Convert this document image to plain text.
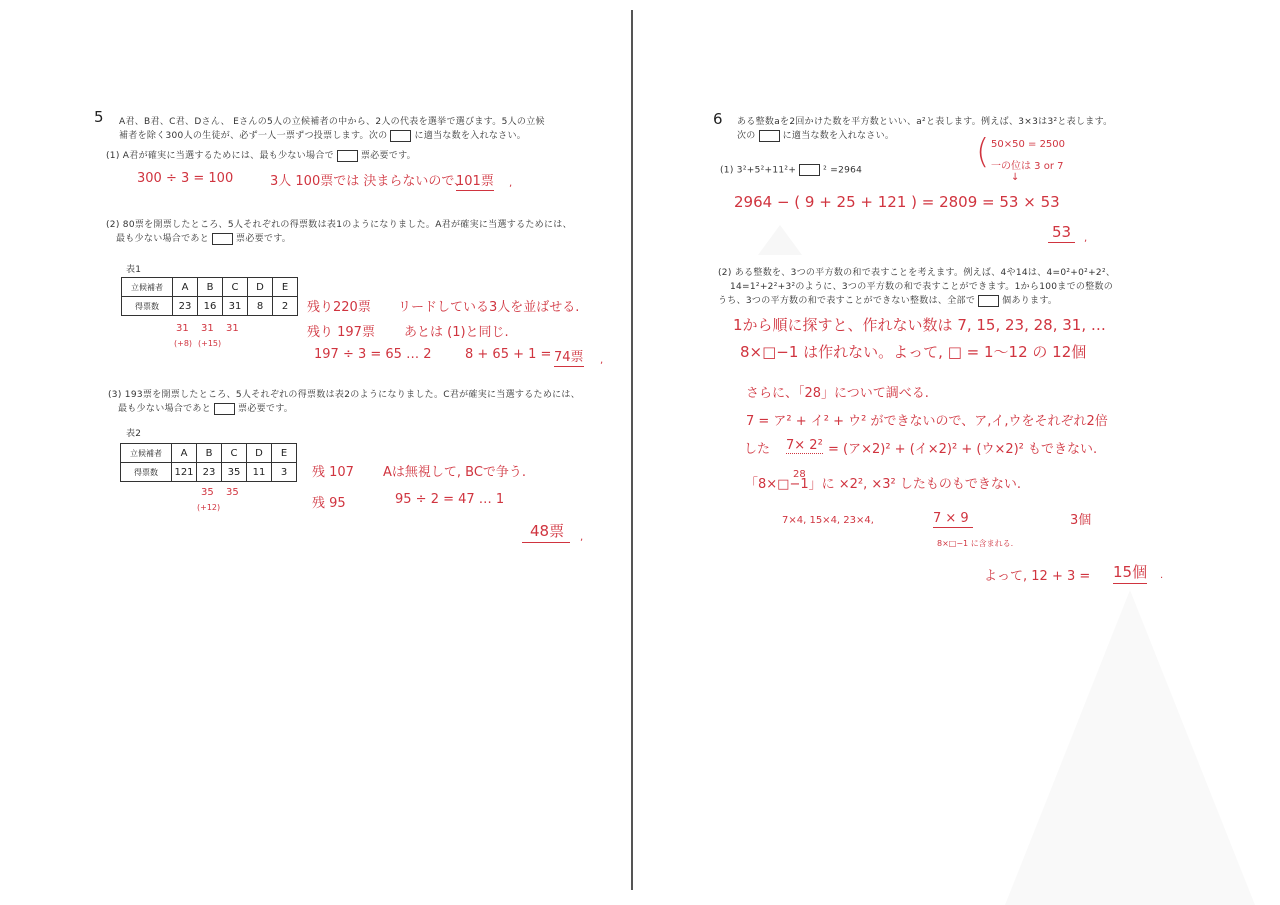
5 A君、B君、C君、Dさん、 Eさんの5人の立候補者の中から、2人の代表を選挙で選びます。5人の立候
補者を除く300人の生徒が、必ず一人一票ずつ投票します。次の	に適当な数を入れなさい。
(1) A君が確実に当選するためには、最も少ない場合で	票必要です。
300 ÷ 3 = 100	3人 100票では 決まらないので、
101票 ,
(2) 80票を開票したところ、5人それぞれの得票数は表1のようになりました。A君が確実に当選するためには、
最も少ない場合であと	票必要です。
表1
立候補者	A	B	C	D	E
得票数	23	16	31	8	2
31 31 31
(+8) (+15)
残り220票 リードしている3人を並ばせる.
残り 197票 あとは (1)と同じ.
197 ÷ 3 = 65 … 2	8 + 65 + 1 = 74票 ,
(3) 193票を開票したところ、5人それぞれの得票数は表2のようになりました。C君が確実に当選するためには、
最も少ない場合であと	票必要です。
表2
立候補者	A	B	C	D	E
得票数	121	23	35	11	3
35 35
(+12)
残 107 Aは無視して, BCで争う.
残 95	95 ÷ 2 = 47 … 1
48票	,
6 ある整数aを2回かけた数を平方数といい、a²と表します。例えば、3×3は3²と表します。
次の	に適当な数を入れなさい。
(1) 3²+5²+11²+	² =2964	( 50×50 = 2500
一の位は 3 or 7
↓
2964 − ( 9 + 25 + 121 ) = 2809 = 53 × 53
53	,
(2) ある整数を、3つの平方数の和で表すことを考えます。例えば、4や14は、4=0²+0²+2²、
14=1²+2²+3²のように、3つの平方数の和で表すことができます。1から100までの整数の
うち、3つの平方数の和で表すことができない整数は、全部で	個あります。
1から順に探すと、作れない数は 7, 15, 23, 28, 31, …
8×□−1 は作れない。よって, □ = 1〜12 の 12個
さらに、「28」について調べる.
7 = ア² + イ² + ウ² ができないので、ア,イ,ウをそれぞれ2倍
した 7× 2² = (ア×2)² + (イ×2)² + (ウ×2)² もできない.
28
「8×□−1」に ×2², ×3² したものもできない.
7×4, 15×4, 23×4,	7 × 9
8×□−1 に含まれる.
3個
よって, 12 + 3 = 15個 .
